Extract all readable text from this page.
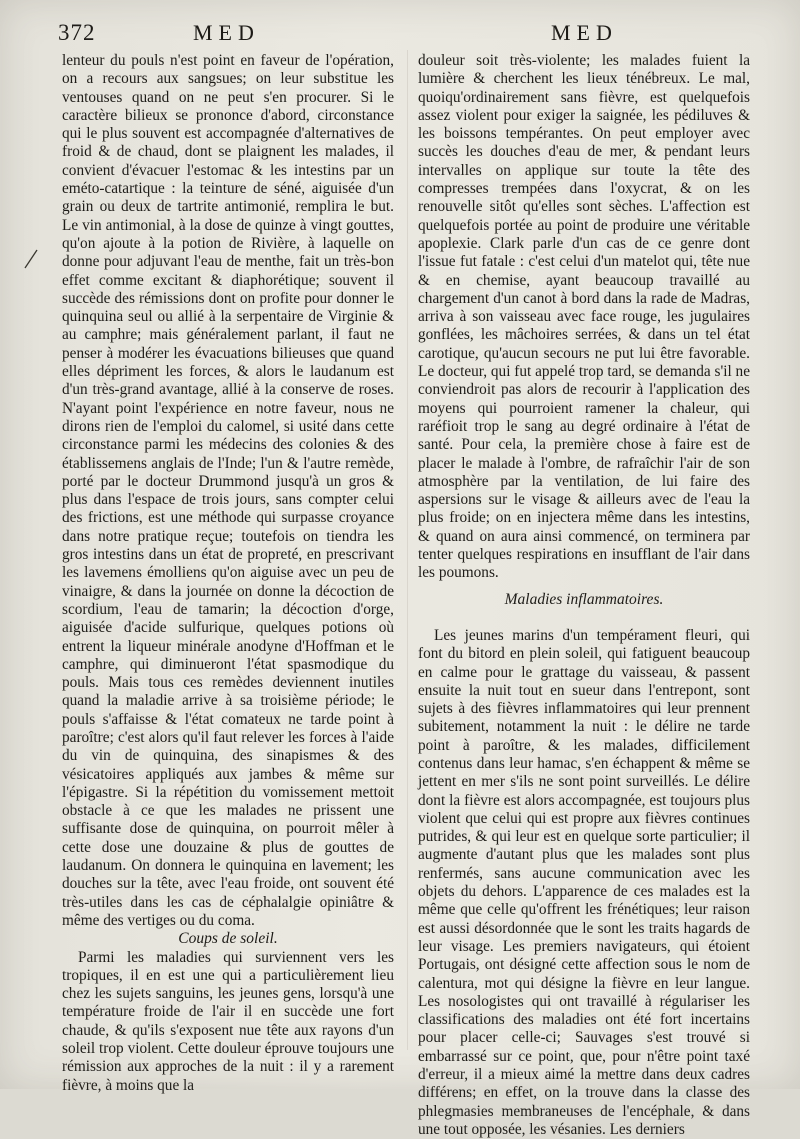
372	MED	MED

lenteur du pouls n'est point en faveur de l'opération, on a recours aux sangsues; on leur substitue les ventouses quand on ne peut s'en procurer. Si le caractère bilieux se prononce d'abord, circonstance qui le plus souvent est accompagnée d'alternatives de froid & de chaud, dont se plaignent les malades, il convient d'évacuer l'estomac & les intestins par un eméto-catartique : la teinture de séné, aiguisée d'un grain ou deux de tartrite antimonié, remplira le but. Le vin antimonial, à la dose de quinze à vingt gouttes, qu'on ajoute à la potion de Rivière, à laquelle on donne pour adjuvant l'eau de menthe, fait un très-bon effet comme excitant & diaphorétique; souvent il succède des rémissions dont on profite pour donner le quinquina seul ou allié à la serpentaire de Virginie & au camphre; mais généralement parlant, il faut ne penser à modérer les évacuations bilieuses que quand elles dépriment les forces, & alors le laudanum est d'un très-grand avantage, allié à la conserve de roses. N'ayant point l'expérience en notre faveur, nous ne dirons rien de l'emploi du calomel, si usité dans cette circonstance parmi les médecins des colonies & des établissemens anglais de l'Inde; l'un & l'autre remède, porté par le docteur Drummond jusqu'à un gros & plus dans l'espace de trois jours, sans compter celui des frictions, est une méthode qui surpasse croyance dans notre pratique reçue; toutefois on tiendra les gros intestins dans un état de propreté, en prescrivant les lavemens émolliens qu'on aiguise avec un peu de vinaigre, & dans la journée on donne la décoction de scordium, l'eau de tamarin; la décoction d'orge, aiguisée d'acide sulfurique, quelques potions où entrent la liqueur minérale anodyne d'Hoffman et le camphre, qui diminueront l'état spasmodique du pouls. Mais tous ces remèdes deviennent inutiles quand la maladie arrive à sa troisième période; le pouls s'affaisse & l'état comateux ne tarde point à paroître; c'est alors qu'il faut relever les forces à l'aide du vin de quinquina, des sinapismes & des vésicatoires appliqués aux jambes & même sur l'épigastre. Si la répétition du vomissement mettoit obstacle à ce que les malades ne prissent une suffisante dose de quinquina, on pourroit mêler à cette dose une douzaine & plus de gouttes de laudanum. On donnera le quinquina en lavement; les douches sur la tête, avec l'eau froide, ont souvent été très-utiles dans les cas de céphalalgie opiniâtre & même des vertiges ou du coma.

Coups de soleil.

Parmi les maladies qui surviennent vers les tropiques, il en est une qui a particulièrement lieu chez les sujets sanguins, les jeunes gens, lorsqu'à une température froide de l'air il en succède une fort chaude, & qu'ils s'exposent nue tête aux rayons d'un soleil trop violent. Cette douleur éprouve toujours une rémission aux approches de la nuit : il y a rarement fièvre, à moins que la

douleur soit très-violente; les malades fuient la lumière & cherchent les lieux ténébreux. Le mal, quoiqu'ordinairement sans fièvre, est quelquefois assez violent pour exiger la saignée, les pédiluves & les boissons tempérantes. On peut employer avec succès les douches d'eau de mer, & pendant leurs intervalles on applique sur toute la tête des compresses trempées dans l'oxycrat, & on les renouvelle sitôt qu'elles sont sèches. L'affection est quelquefois portée au point de produire une véritable apoplexie. Clark parle d'un cas de ce genre dont l'issue fut fatale : c'est celui d'un matelot qui, tête nue & en chemise, ayant beaucoup travaillé au chargement d'un canot à bord dans la rade de Madras, arriva à son vaisseau avec face rouge, les jugulaires gonflées, les mâchoires serrées, & dans un tel état carotique, qu'aucun secours ne put lui être favorable. Le docteur, qui fut appelé trop tard, se demanda s'il ne conviendroit pas alors de recourir à l'application des moyens qui pourroient ramener la chaleur, qui raréfioit trop le sang au degré ordinaire à l'état de santé. Pour cela, la première chose à faire est de placer le malade à l'ombre, de rafraîchir l'air de son atmosphère par la ventilation, de lui faire des aspersions sur le visage & ailleurs avec de l'eau la plus froide; on en injectera même dans les intestins, & quand on aura ainsi commencé, on terminera par tenter quelques respirations en insufflant de l'air dans les poumons.

Maladies inflammatoires.

Les jeunes marins d'un tempérament fleuri, qui font du bitord en plein soleil, qui fatiguent beaucoup en calme pour le grattage du vaisseau, & passent ensuite la nuit tout en sueur dans l'entrepont, sont sujets à des fièvres inflammatoires qui leur prennent subitement, notamment la nuit : le délire ne tarde point à paroître, & les malades, difficilement contenus dans leur hamac, s'en échappent & même se jettent en mer s'ils ne sont point surveillés. Le délire dont la fièvre est alors accompagnée, est toujours plus violent que celui qui est propre aux fièvres continues putrides, & qui leur est en quelque sorte particulier; il augmente d'autant plus que les malades sont plus renfermés, sans aucune communication avec les objets du dehors. L'apparence de ces malades est la même que celle qu'offrent les frénétiques; leur raison est aussi désordonnée que le sont les traits hagards de leur visage. Les premiers navigateurs, qui étoient Portugais, ont désigné cette affection sous le nom de calentura, mot qui désigne la fièvre en leur langue. Les nosologistes qui ont travaillé à régulariser les classifications des maladies ont été fort incertains pour placer celle-ci; Sauvages s'est trouvé si embarrassé sur ce point, que, pour n'être point taxé d'erreur, il a mieux aimé la mettre dans deux cadres différens; en effet, on la trouve dans la classe des phlegmasies membraneuses de l'encéphale, & dans une tout opposée, les vésanies. Les derniers
